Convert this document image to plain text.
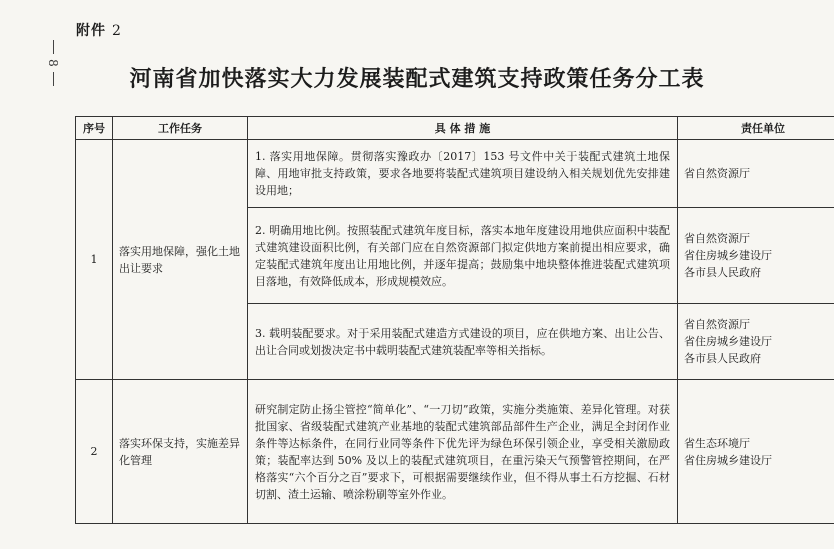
附件 2
8
河南省加快落实大力发展装配式建筑支持政策任务分工表
序号	工作任务	具 体 措 施	责任单位
1	落实用地保障，强化土地出让要求	1. 落实用地保障。贯彻落实豫政办〔2017〕153 号文件中关于装配式建筑土地保障、用地审批支持政策，要求各地要将装配式建筑项目建设纳入相关规划优先安排建设用地；	省自然资源厅

		2. 明确用地比例。按照装配式建筑年度目标，落实本地年度建设用地供应面积中装配式建筑建设面积比例，有关部门应在自然资源部门拟定供地方案前提出相应要求，确定装配式建筑年度出让用地比例，并逐年提高；鼓励集中地块整体推进装配式建筑项目落地，有效降低成本，形成规模效应。	省自然资源厅
省住房城乡建设厅
各市县人民政府

		3. 载明装配要求。对于采用装配式建造方式建设的项目，应在供地方案、出让公告、出让合同或划拨决定书中载明装配式建筑装配率等相关指标。	省自然资源厅
省住房城乡建设厅
各市县人民政府

2	落实环保支持，实施差异化管理	研究制定防止扬尘管控“简单化”、“一刀切”政策，实施分类施策、差异化管理。对获批国家、省级装配式建筑产业基地的装配式建筑部品部件生产企业，满足全封闭作业条件等达标条件，在同行业同等条件下优先评为绿色环保引领企业，享受相关激励政策；装配率达到 50% 及以上的装配式建筑项目，在重污染天气预警管控期间，在严格落实“六个百分之百”要求下，可根据需要继续作业，但不得从事土石方挖掘、石材切割、渣土运输、喷涂粉刷等室外作业。	省生态环境厅
省住房城乡建设厅
